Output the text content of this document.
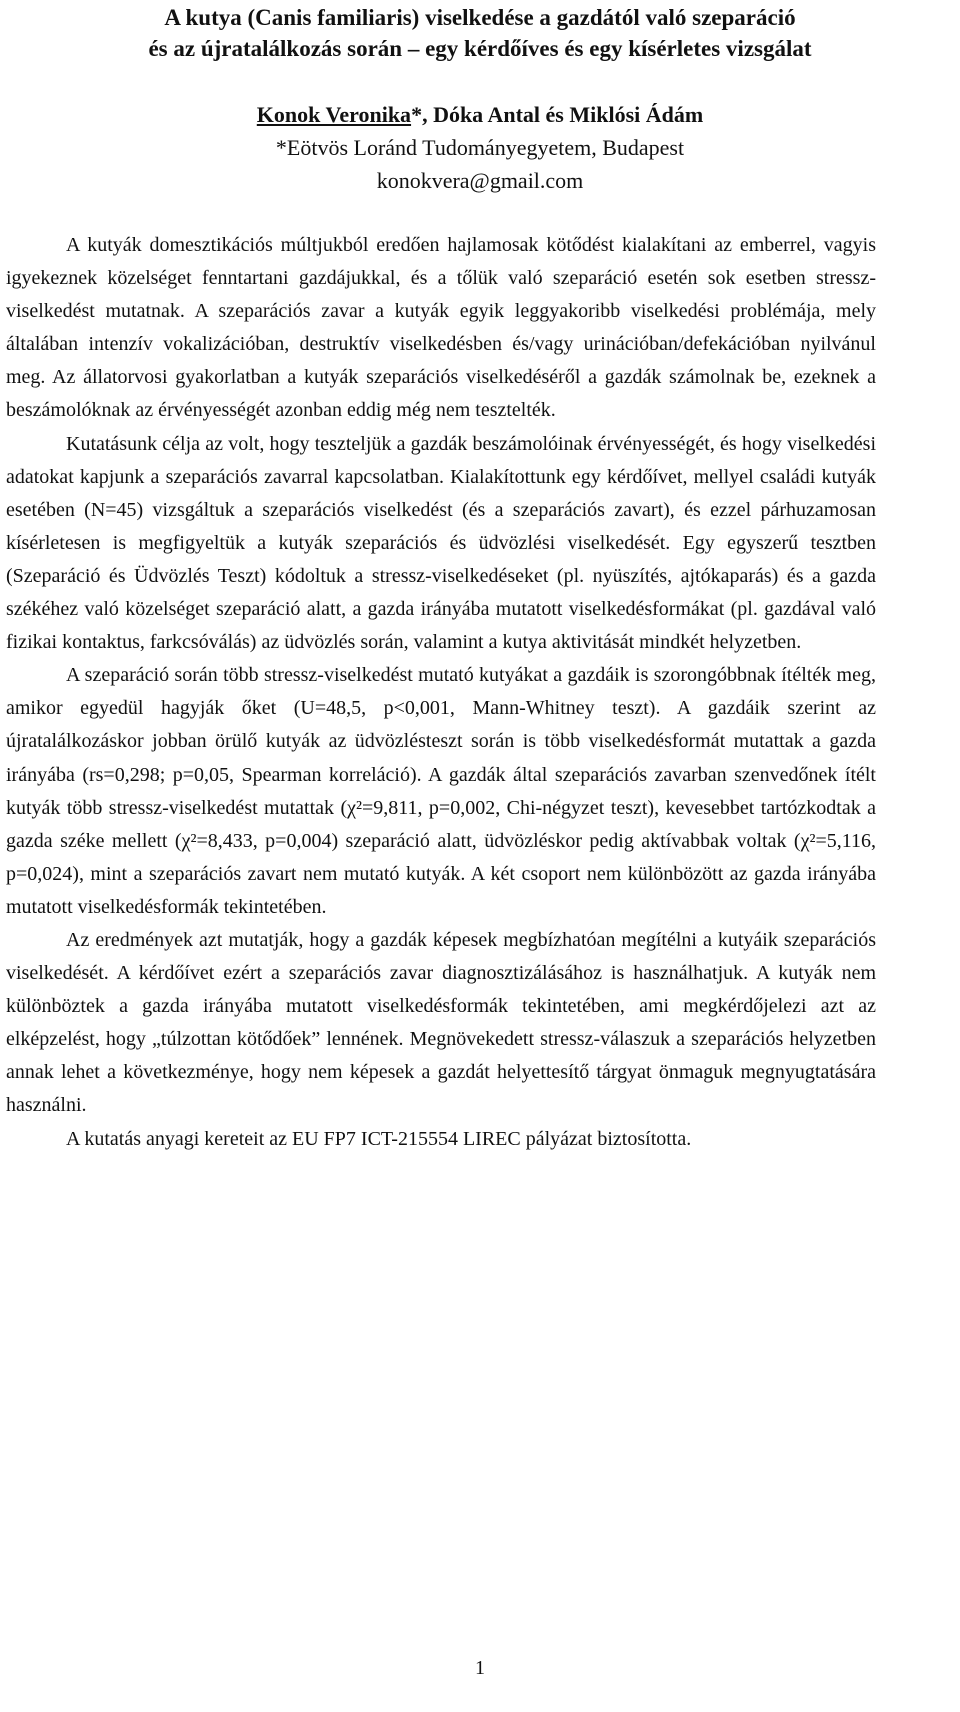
A kutya (Canis familiaris) viselkedése a gazdától való szeparáció
és az újratalálkozás során – egy kérdőíves és egy kísérletes vizsgálat
Konok Veronika*, Dóka Antal és Miklósi Ádám
*Eötvös Loránd Tudományegyetem, Budapest
konokvera@gmail.com

A kutyák domesztikációs múltjukból eredően hajlamosak kötődést kialakítani az emberrel, vagyis igyekeznek közelséget fenntartani gazdájukkal, és a tőlük való szeparáció esetén sok esetben stressz-viselkedést mutatnak. A szeparációs zavar a kutyák egyik leggyakoribb viselkedési problémája, mely általában intenzív vokalizációban, destruktív viselkedésben és/vagy urinációban/defekációban nyilvánul meg. Az állatorvosi gyakorlatban a kutyák szeparációs viselkedéséről a gazdák számolnak be, ezeknek a beszámolóknak az érvényességét azonban eddig még nem tesztelték.

Kutatásunk célja az volt, hogy teszteljük a gazdák beszámolóinak érvényességét, és hogy viselkedési adatokat kapjunk a szeparációs zavarral kapcsolatban. Kialakítottunk egy kérdőívet, mellyel családi kutyák esetében (N=45) vizsgáltuk a szeparációs viselkedést (és a szeparációs zavart), és ezzel párhuzamosan kísérletesen is megfigyeltük a kutyák szeparációs és üdvözlési viselkedését. Egy egyszerű tesztben (Szeparáció és Üdvözlés Teszt) kódoltuk a stressz-viselkedéseket (pl. nyüszítés, ajtókaparás) és a gazda székéhez való közelséget szeparáció alatt, a gazda irányába mutatott viselkedésformákat (pl. gazdával való fizikai kontaktus, farkcsóválás) az üdvözlés során, valamint a kutya aktivitását mindkét helyzetben.

A szeparáció során több stressz-viselkedést mutató kutyákat a gazdáik is szorongóbbnak ítélték meg, amikor egyedül hagyják őket (U=48,5, p<0,001, Mann-Whitney teszt). A gazdáik szerint az újratalálkozáskor jobban örülő kutyák az üdvözlésteszt során is több viselkedésformát mutattak a gazda irányába (rs=0,298; p=0,05, Spearman korreláció). A gazdák által szeparációs zavarban szenvedőnek ítélt kutyák több stressz-viselkedést mutattak (χ²=9,811, p=0,002, Chi-négyzet teszt), kevesebbet tartózkodtak a gazda széke mellett (χ²=8,433, p=0,004) szeparáció alatt, üdvözléskor pedig aktívabbak voltak (χ²=5,116, p=0,024), mint a szeparációs zavart nem mutató kutyák. A két csoport nem különbözött az gazda irányába mutatott viselkedésformák tekintetében.

Az eredmények azt mutatják, hogy a gazdák képesek megbízhatóan megítélni a kutyáik szeparációs viselkedését. A kérdőívet ezért a szeparációs zavar diagnosztizálásához is használhatjuk. A kutyák nem különböztek a gazda irányába mutatott viselkedésformák tekintetében, ami megkérdőjelezi azt az elképzelést, hogy „túlzottan kötődőek” lennének. Megnövekedett stressz-válaszuk a szeparációs helyzetben annak lehet a következménye, hogy nem képesek a gazdát helyettesítő tárgyat önmaguk megnyugtatására használni.

A kutatás anyagi kereteit az EU FP7 ICT-215554 LIREC pályázat biztosította.

1
